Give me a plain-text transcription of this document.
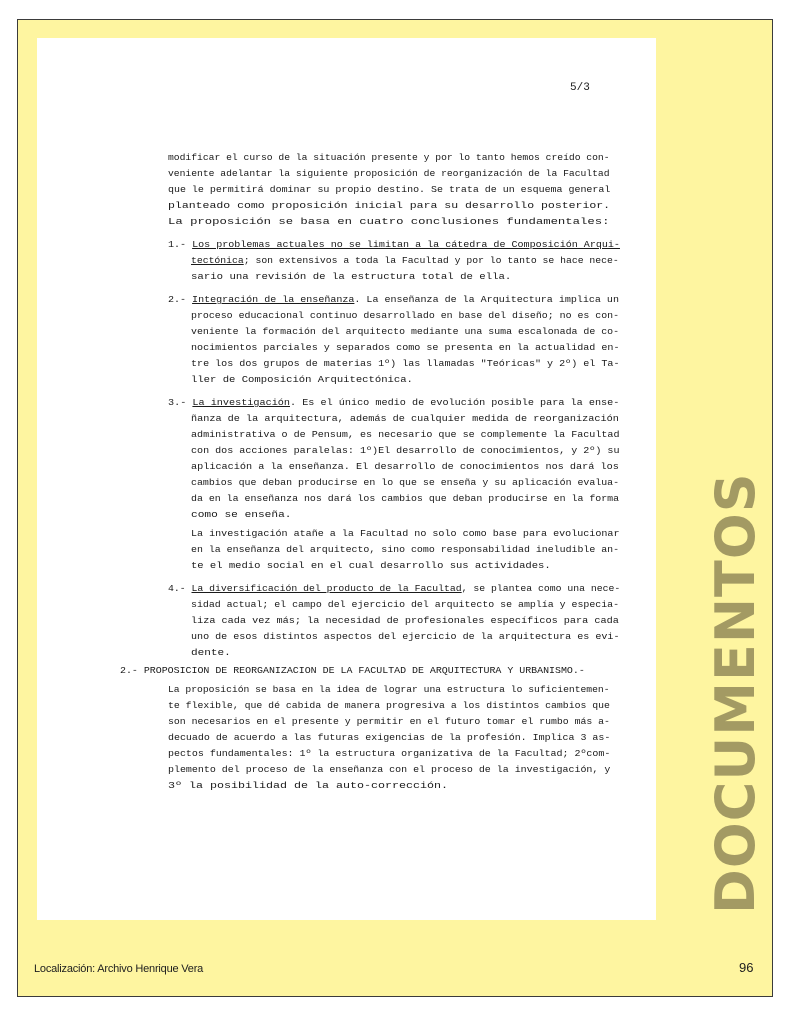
5/3
modificar el curso de la situación presente y por lo tanto hemos creído con-
veniente adelantar la siguiente proposición de reorganización de la Facultad
que le permitirá dominar su propio destino. Se trata de un esquema general
planteado como proposición inicial para su desarrollo posterior.
La proposición se basa en cuatro conclusiones fundamentales:
1.- Los problemas actuales no se limitan a la cátedra de Composición Arqui-
tectónica; son extensivos a toda la Facultad y por lo tanto se hace nece-
sario una revisión de la estructura total de ella.
2.- Integración de la enseñanza. La enseñanza de la Arquitectura implica un
proceso educacional continuo desarrollado en base del diseño; no es con-
veniente la formación del arquitecto mediante una suma escalonada de co-
nocimientos parciales y separados como se presenta en la actualidad en-
tre los dos grupos de materias 1º) las llamadas "Teóricas" y 2º) el Ta-
ller de Composición Arquitectónica.
3.- La investigación. Es el único medio de evolución posible para la ense-
ñanza de la arquitectura, además de cualquier medida de reorganización
administrativa o de Pensum, es necesario que se complemente la Facultad
con dos acciones paralelas: 1º)El desarrollo de conocimientos, y 2º) su
aplicación a la enseñanza. El desarrollo de conocimientos nos dará los
cambios que deban producirse en lo que se enseña y su aplicación evalua-
da en la enseñanza nos dará los cambios que deban producirse en la forma
como se enseña.
La investigación atañe a la Facultad no solo como base para evolucionar
en la enseñanza del arquitecto, sino como responsabilidad ineludible an-
te el medio social en el cual desarrollo sus actividades.
4.- La diversificación del producto de la Facultad, se plantea como una nece-
sidad actual; el campo del ejercicio del arquitecto se amplía y especia-
liza cada vez más; la necesidad de profesionales específicos para cada
uno de esos distintos aspectos del ejercicio de la arquitectura es evi-
dente.
2.- PROPOSICION DE REORGANIZACION DE LA FACULTAD DE ARQUITECTURA Y URBANISMO.-
La proposición se basa en la idea de lograr una estructura lo suficientemen-
te flexible, que dé cabida de manera progresiva a los distintos cambios que
son necesarios en el presente y permitir en el futuro tomar el rumbo más a-
decuado de acuerdo a las futuras exigencias de la profesión. Implica 3 as-
pectos fundamentales: 1º la estructura organizativa de la Facultad; 2ºcom-
plemento del proceso de la enseñanza con el proceso de la investigación, y
3º la posibilidad de la auto-corrección.	DOCUMENTOS
Localización: Archivo Henrique Vera	96
